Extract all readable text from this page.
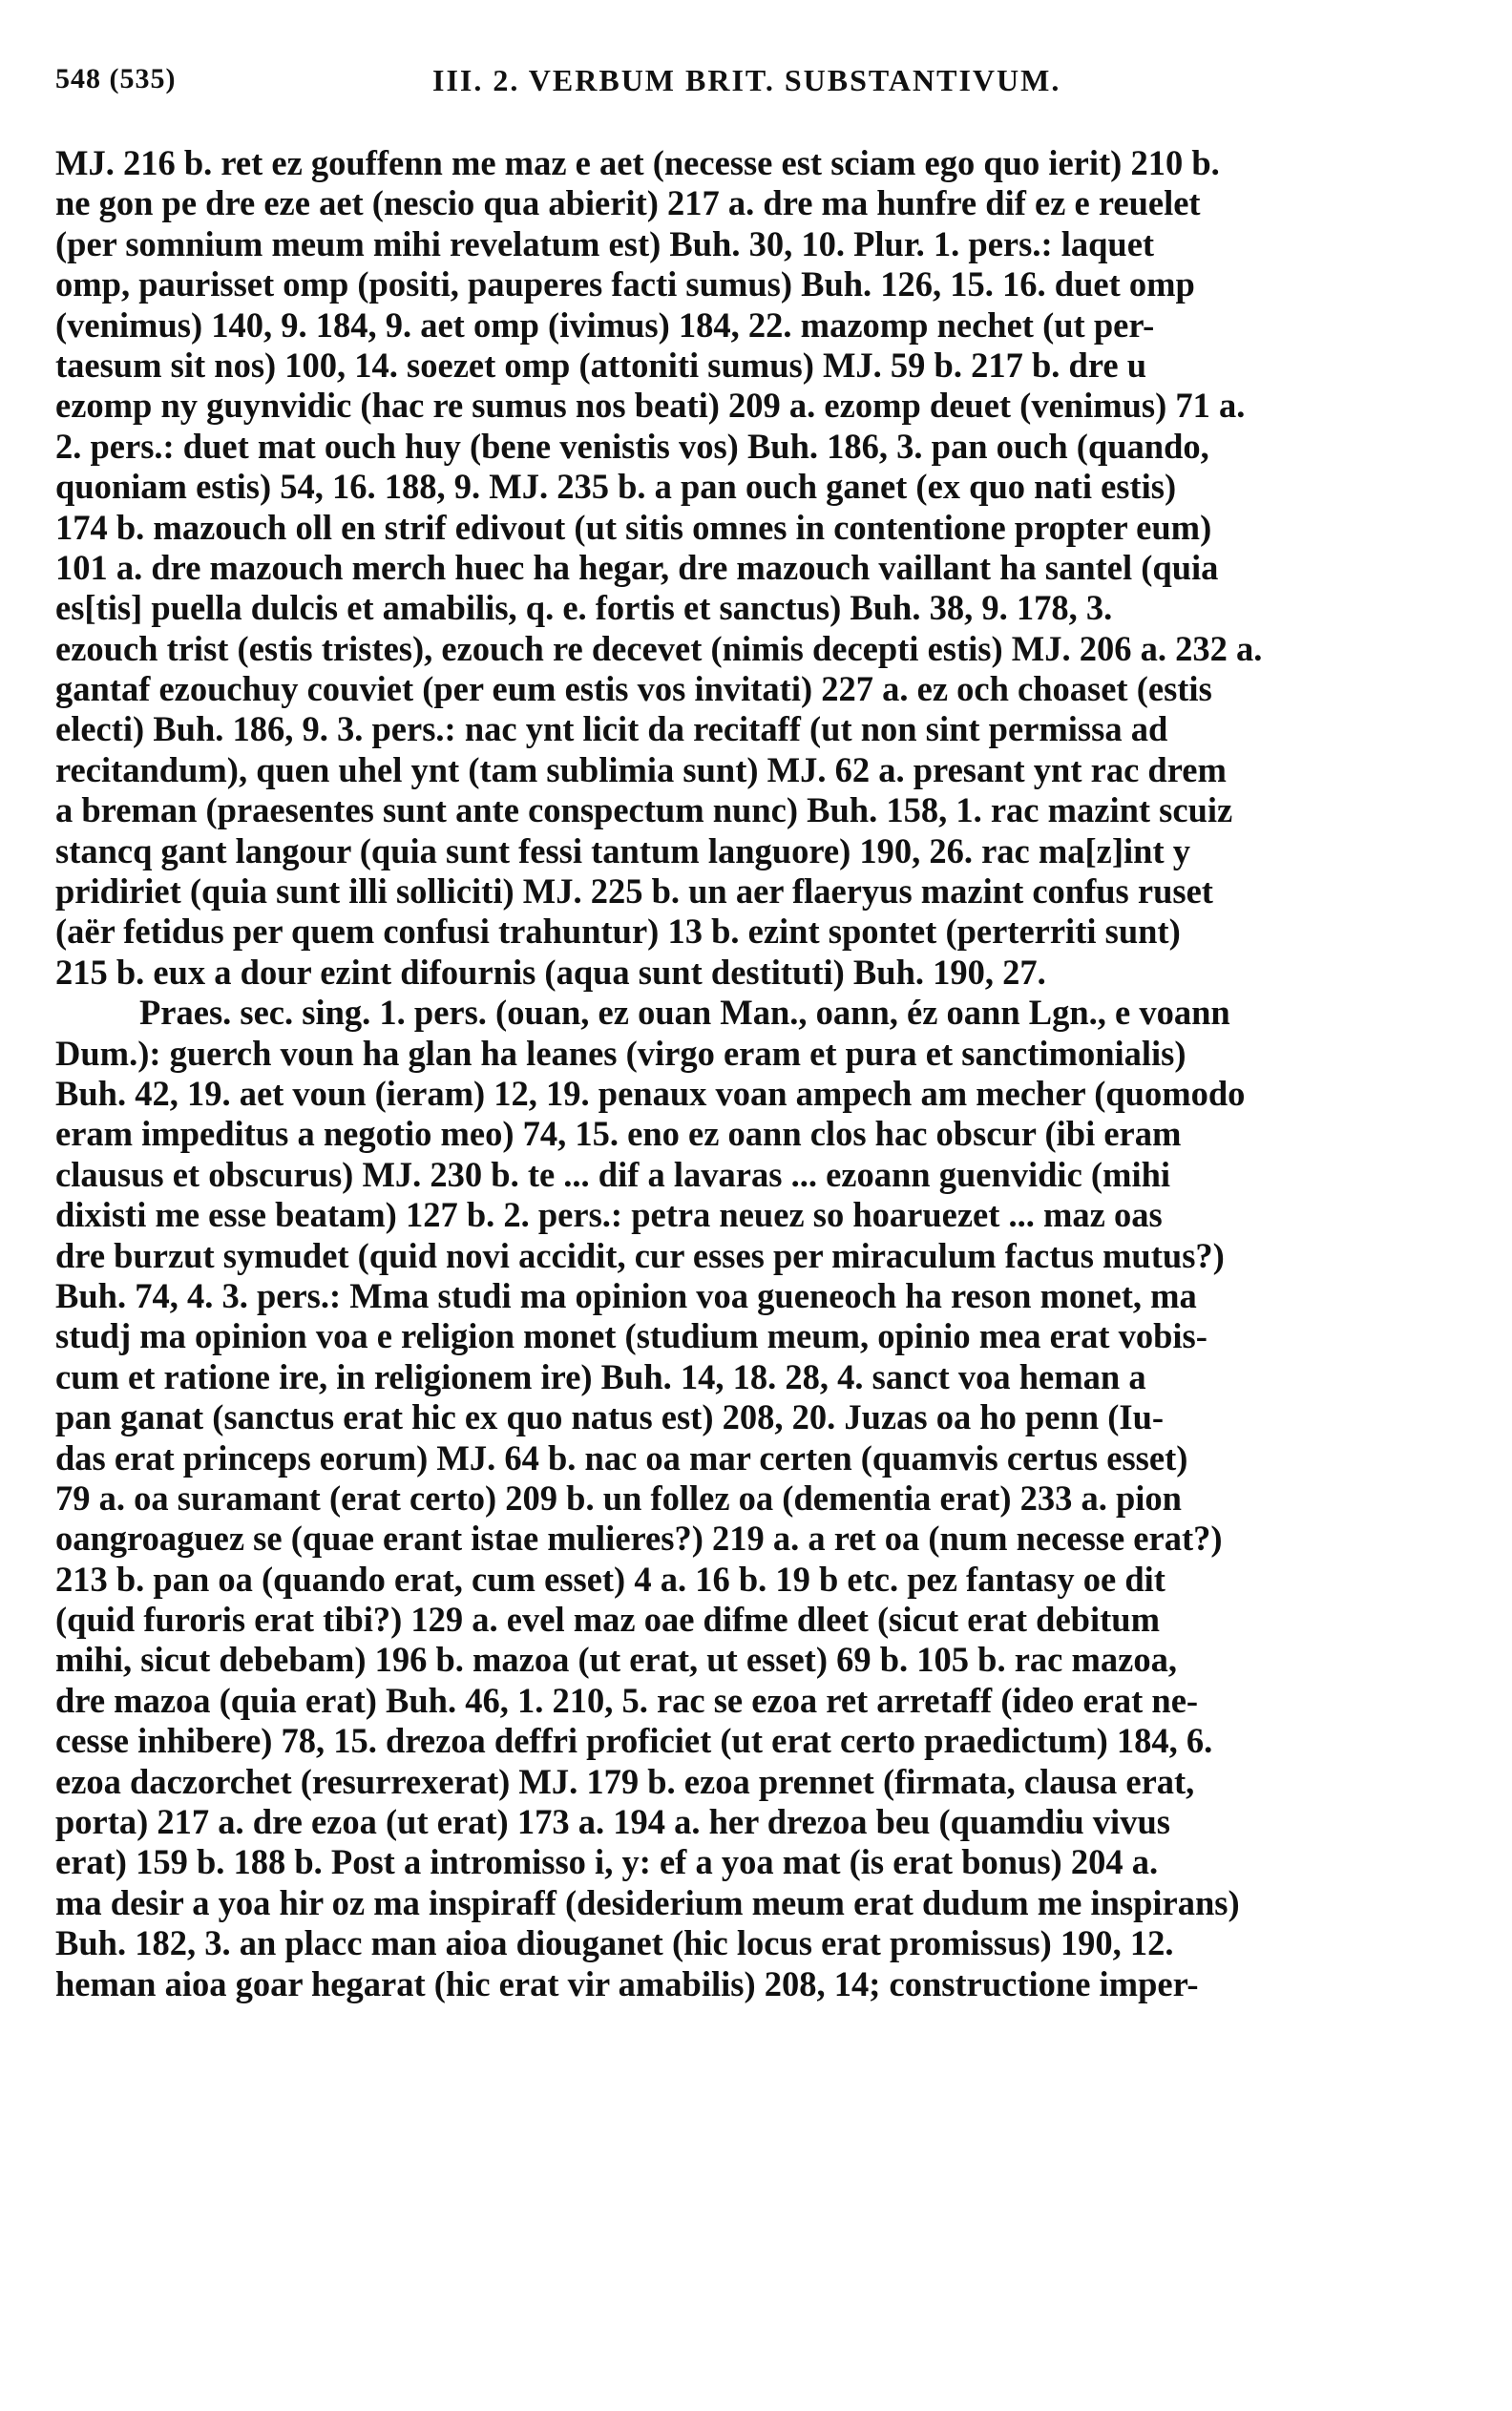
548 (535)	III. 2. VERBUM BRIT. SUBSTANTIVUM.
MJ. 216 b. ret ez gouffenn me maz e aet (necesse est sciam ego quo ierit) 210 b.
ne gon pe dre eze aet (nescio qua abierit) 217 a. dre ma hunfre dif ez e reuelet
(per somnium meum mihi revelatum est) Buh. 30, 10. Plur. 1. pers.: laquet
omp, paurisset omp (positi, pauperes facti sumus) Buh. 126, 15. 16. duet omp
(venimus) 140, 9. 184, 9. aet omp (ivimus) 184, 22. mazomp nechet (ut per-
taesum sit nos) 100, 14. soezet omp (attoniti sumus) MJ. 59 b. 217 b. dre u
ezomp ny guynvidic (hac re sumus nos beati) 209 a. ezomp deuet (venimus) 71 a.
2. pers.: duet mat ouch huy (bene venistis vos) Buh. 186, 3. pan ouch (quando,
quoniam estis) 54, 16. 188, 9. MJ. 235 b. a pan ouch ganet (ex quo nati estis)
174 b. mazouch oll en strif edivout (ut sitis omnes in contentione propter eum)
101 a. dre mazouch merch huec ha hegar, dre mazouch vaillant ha santel (quia
es[tis] puella dulcis et amabilis, q. e. fortis et sanctus) Buh. 38, 9. 178, 3.
ezouch trist (estis tristes), ezouch re decevet (nimis decepti estis) MJ. 206 a. 232 a.
gantaf ezouchuy couviet (per eum estis vos invitati) 227 a. ez och choaset (estis
electi) Buh. 186, 9. 3. pers.: nac ynt licit da recitaff (ut non sint permissa ad
recitandum), quen uhel ynt (tam sublimia sunt) MJ. 62 a. presant ynt rac drem
a breman (praesentes sunt ante conspectum nunc) Buh. 158, 1. rac mazint scuiz
stancq gant langour (quia sunt fessi tantum languore) 190, 26. rac ma[z]int y
pridiriet (quia sunt illi solliciti) MJ. 225 b. un aer flaeryus mazint confus ruset
(aër fetidus per quem confusi trahuntur) 13 b. ezint spontet (perterriti sunt)
215 b. eux a dour ezint difournis (aqua sunt destituti) Buh. 190, 27.
Praes. sec. sing. 1. pers. (ouan, ez ouan Man., oann, éz oann Lgn., e voann
Dum.): guerch voun ha glan ha leanes (virgo eram et pura et sanctimonialis)
Buh. 42, 19. aet voun (ieram) 12, 19. penaux voan ampech am mecher (quomodo
eram impeditus a negotio meo) 74, 15. eno ez oann clos hac obscur (ibi eram
clausus et obscurus) MJ. 230 b. te ... dif a lavaras ... ezoann guenvidic (mihi
dixisti me esse beatam) 127 b. 2. pers.: petra neuez so hoaruezet ... maz oas
dre burzut symudet (quid novi accidit, cur esses per miraculum factus mutus?)
Buh. 74, 4. 3. pers.: Mma studi ma opinion voa gueneoch ha reson monet, ma
studj ma opinion voa e religion monet (studium meum, opinio mea erat vobis-
cum et ratione ire, in religionem ire) Buh. 14, 18. 28, 4. sanct voa heman a
pan ganat (sanctus erat hic ex quo natus est) 208, 20. Juzas oa ho penn (Iu-
das erat princeps eorum) MJ. 64 b. nac oa mar certen (quamvis certus esset)
79 a. oa suramant (erat certo) 209 b. un follez oa (dementia erat) 233 a. pion
oangroaguez se (quae erant istae mulieres?) 219 a. a ret oa (num necesse erat?)
213 b. pan oa (quando erat, cum esset) 4 a. 16 b. 19 b etc. pez fantasy oe dit
(quid furoris erat tibi?) 129 a. evel maz oae difme dleet (sicut erat debitum
mihi, sicut debebam) 196 b. mazoa (ut erat, ut esset) 69 b. 105 b. rac mazoa,
dre mazoa (quia erat) Buh. 46, 1. 210, 5. rac se ezoa ret arretaff (ideo erat ne-
cesse inhibere) 78, 15. drezoa deffri proficiet (ut erat certo praedictum) 184, 6.
ezoa daczorchet (resurrexerat) MJ. 179 b. ezoa prennet (firmata, clausa erat,
porta) 217 a. dre ezoa (ut erat) 173 a. 194 a. her drezoa beu (quamdiu vivus
erat) 159 b. 188 b. Post a intromisso i, y: ef a yoa mat (is erat bonus) 204 a.
ma desir a yoa hir oz ma inspiraff (desiderium meum erat dudum me inspirans)
Buh. 182, 3. an placc man aioa diouganet (hic locus erat promissus) 190, 12.
heman aioa goar hegarat (hic erat vir amabilis) 208, 14; constructione imper-
